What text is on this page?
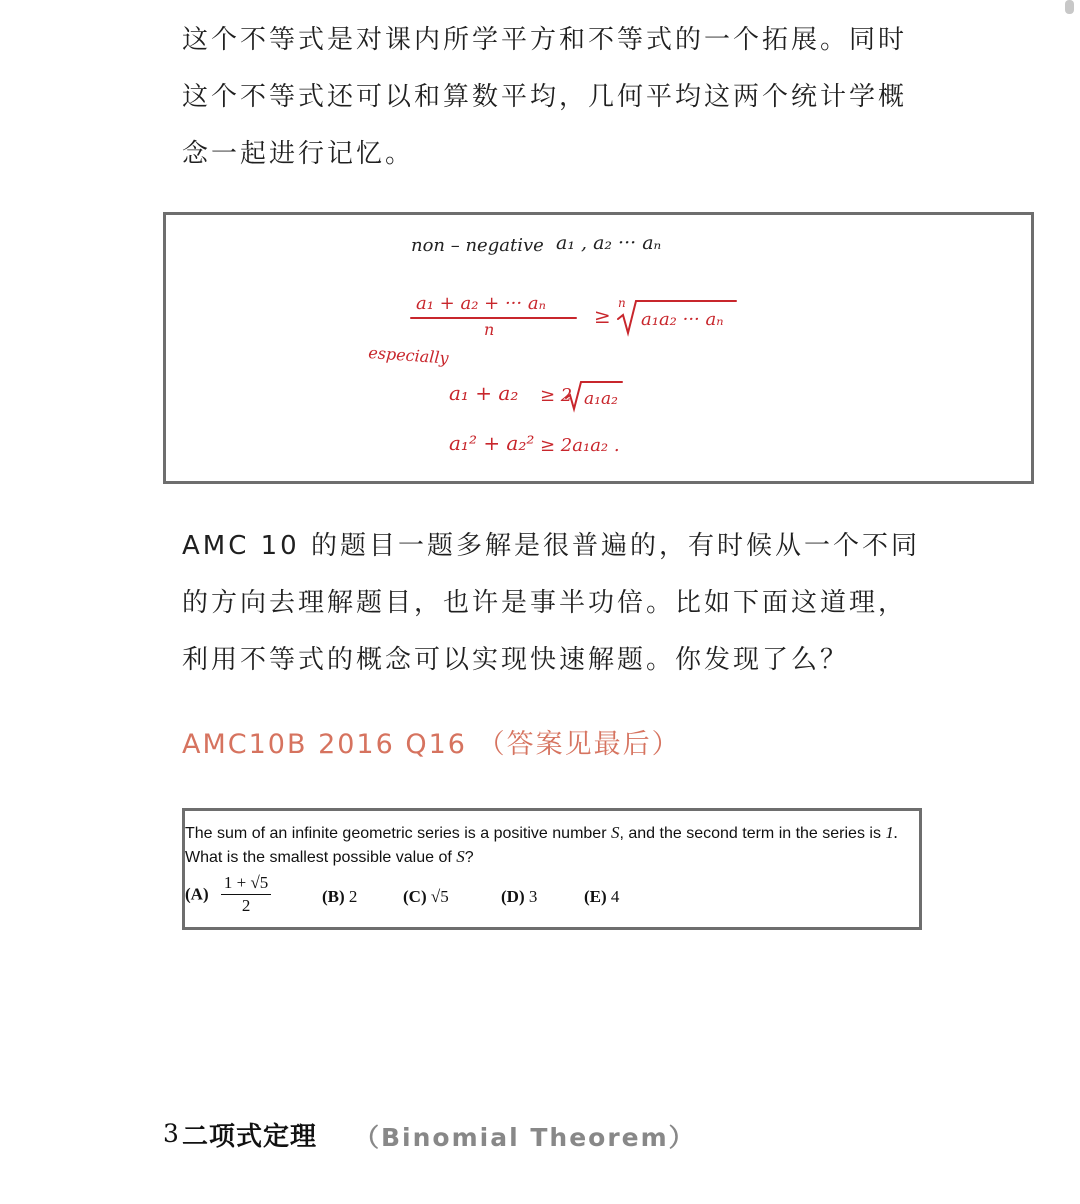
这个不等式是对课内所学平方和不等式的一个拓展。同时这个不等式还可以和算数平均，几何平均这两个统计学概念一起进行记忆。

non – negative a₁ , a₂ ··· aₙ
a₁ + a₂ + ··· aₙ
n
≥
n
a₁a₂ ··· aₙ
especially
a₁ + a₂ ≥ 2 a₁a₂
a₁² + a₂² ≥ 2a₁a₂ .

AMC 10 的题目一题多解是很普遍的，有时候从一个不同的方向去理解题目，也许是事半功倍。比如下面这道理，利用不等式的概念可以实现快速解题。你发现了么？

AMC10B 2016 Q16 （答案见最后）
The sum of an infinite geometric series is a positive number S, and the second term in the series is 1.
What is the smallest possible value of S?
$(A) \frac{1 + √5}{2}$	(B) 2	(C) √5	(D) 3	(E) 4
3 二项式定理 （Binomial Theorem）
